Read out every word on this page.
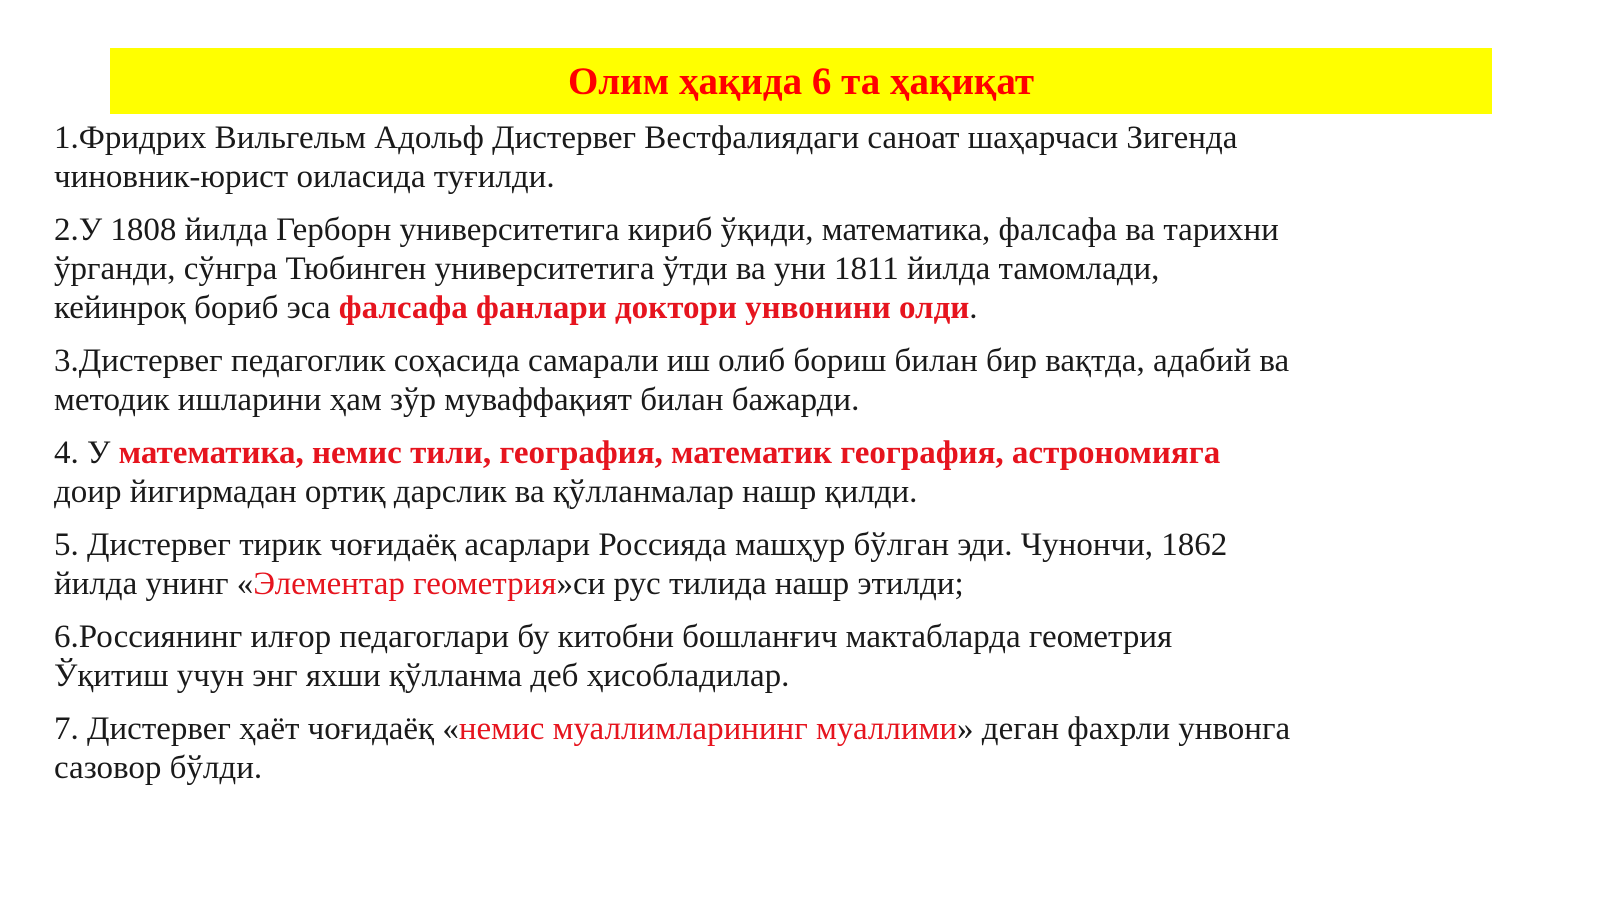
Олим ҳақида 6 та ҳақиқат
1.Фридрих Вильгельм Адольф Дистервег Вестфалиядаги саноат шаҳарчаси Зигенда
чиновник-юрист оиласида туғилди.
2.У 1808 йилда Герборн университетига кириб ўқиди, математика, фалсафа ва тарихни
ўрганди, сўнгра Тюбинген университетига ўтди ва уни 1811 йилда тамомлади,
кейинроқ бориб эса фалсафа фанлари доктори унвонини олди.
3.Дистервег педагоглик соҳасида самарали иш олиб бориш билан бир вақтда, адабий ва
методик ишларини ҳам зўр муваффақият билан бажарди.
4. У математика, немис тили, география, математик география, астрономияга
доир йигирмадан ортиқ дарслик ва қўлланмалар нашр қилди.
5. Дистервег тирик чоғидаёқ асарлари Россияда машҳур бўлган эди. Чунончи, 1862
йилда унинг «Элементар геометрия»си рус тилида нашр этилди;
6.Россиянинг илғор педагоглари бу китобни бошланғич мактабларда геометрия
Ўқитиш учун энг яхши қўлланма деб ҳисобладилар.
7. Дистервег ҳаёт чоғидаёқ «немис муаллимларининг муаллими» деган фахрли унвонга
сазовор бўлди.
